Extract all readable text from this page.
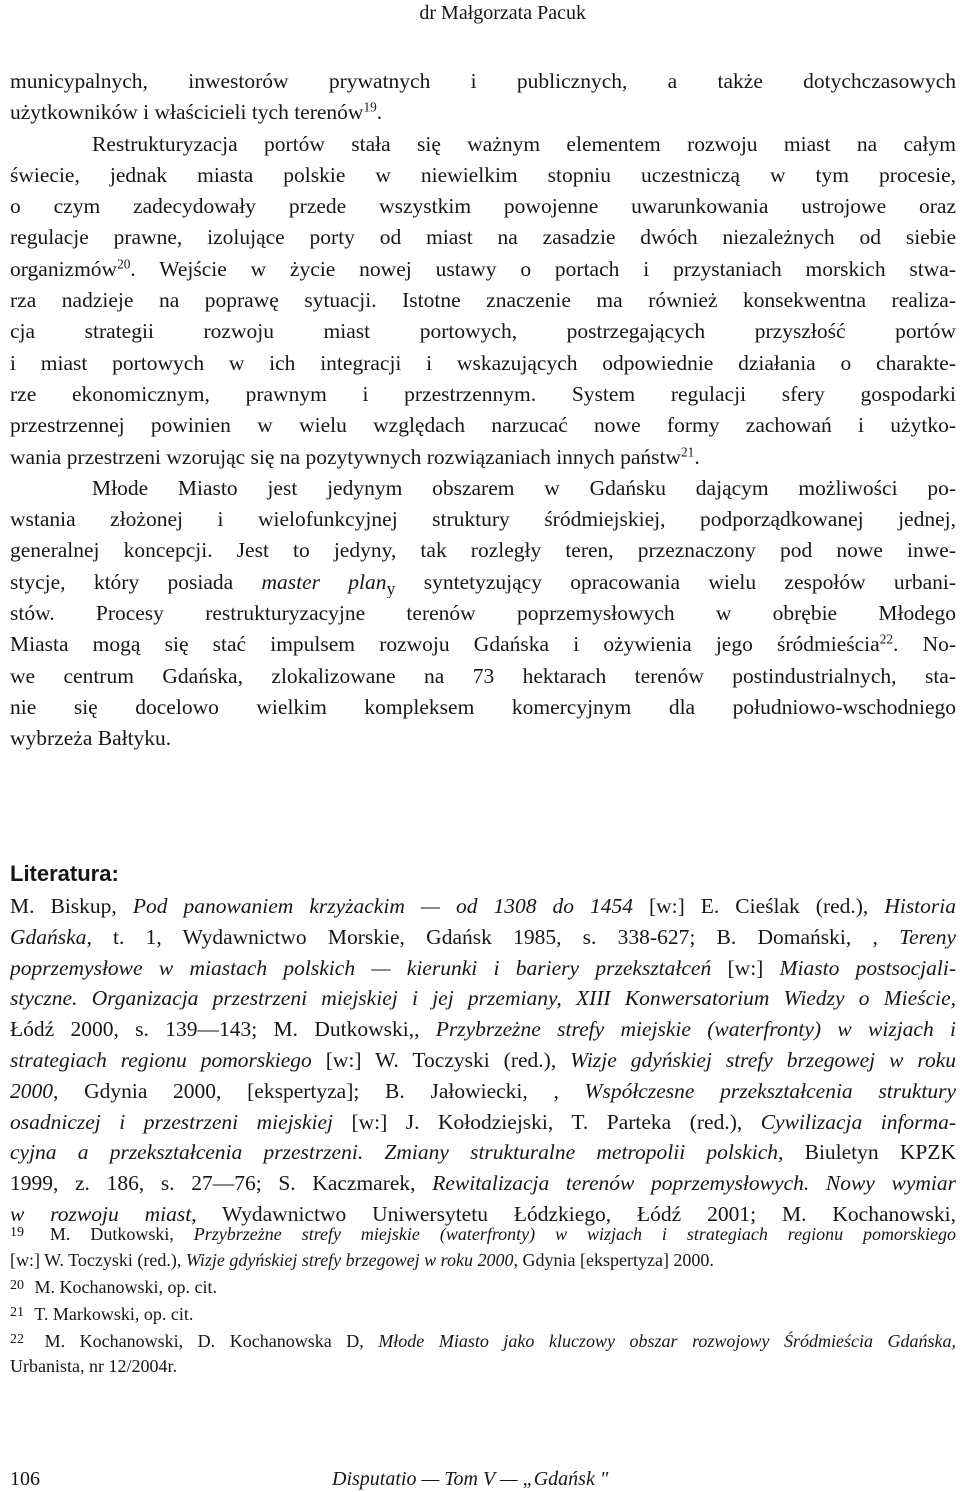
dr Małgorzata Pacuk
municypalnych, inwestorów prywatnych i publicznych, a także dotychczasowych
użytkowników i właścicieli tych terenów$^{19}$.
Restrukturyzacja portów stała się ważnym elementem rozwoju miast na całym
świecie, jednak miasta polskie w niewielkim stopniu uczestniczą w tym procesie,
o czym zadecydowały przede wszystkim powojenne uwarunkowania ustrojowe oraz
regulacje prawne, izolujące porty od miast na zasadzie dwóch niezależnych od siebie
organizmów$^{20}$. Wejście w życie nowej ustawy o portach i przystaniach morskich stwa-
rza nadzieje na poprawę sytuacji. Istotne znaczenie ma również konsekwentna realiza-
cja strategii rozwoju miast portowych, postrzegających przyszłość portów
i miast portowych w ich integracji i wskazujących odpowiednie działania o charakte-
rze ekonomicznym, prawnym i przestrzennym. System regulacji sfery gospodarki
przestrzennej powinien w wielu względach narzucać nowe formy zachowań i użytko-
wania przestrzeni wzorując się na pozytywnych rozwiązaniach innych państw$^{21}$.
Młode Miasto jest jedynym obszarem w Gdańsku dającym możliwości po-
wstania złożonej i wielofunkcyjnej struktury śródmiejskiej, podporządkowanej jednej,
generalnej koncepcji. Jest to jedyny, tak rozległy teren, przeznaczony pod nowe inwe-
stycje, który posiada master plan$_y$ syntetyzujący opracowania wielu zespołów urbani-
stów. Procesy restrukturyzacyjne terenów poprzemysłowych w obrębie Młodego
Miasta mogą się stać impulsem rozwoju Gdańska i ożywienia jego śródmieścia$^{22}$. No-
we centrum Gdańska, zlokalizowane na 73 hektarach terenów postindustrialnych, sta-
nie się docelowo wielkim kompleksem komercyjnym dla południowo-wschodniego
wybrzeża Bałtyku.
Literatura:
M. Biskup, Pod panowaniem krzyżackim — od 1308 do 1454 [w:] E. Cieślak (red.), Historia
Gdańska, t. 1, Wydawnictwo Morskie, Gdańsk 1985, s. 338-627; B. Domański, , Tereny
poprzemysłowe w miastach polskich — kierunki i bariery przekształceń [w:] Miasto postsocjali-
styczne. Organizacja przestrzeni miejskiej i jej przemiany, XIII Konwersatorium Wiedzy o Mieście,
Łódź 2000, s. 139—143; M. Dutkowski,, Przybrzeżne strefy miejskie (waterfronty) w wizjach i
strategiach regionu pomorskiego [w:] W. Toczyski (red.), Wizje gdyńskiej strefy brzegowej w roku
2000, Gdynia 2000, [ekspertyza]; B. Jałowiecki, , Współczesne przekształcenia struktury
osadniczej i przestrzeni miejskiej [w:] J. Kołodziejski, T. Parteka (red.), Cywilizacja informa-
cyjna a przekształcenia przestrzeni. Zmiany strukturalne metropolii polskich, Biuletyn KPZK
1999, z. 186, s. 27—76; S. Kaczmarek, Rewitalizacja terenów poprzemysłowych. Nowy wymiar
w rozwoju miast, Wydawnictwo Uniwersytetu Łódzkiego, Łódź 2001; M. Kochanowski,
19 M. Dutkowski, Przybrzeżne strefy miejskie (waterfronty) w wizjach i strategiach regionu pomorskiego
[w:] W. Toczyski (red.), Wizje gdyńskiej strefy brzegowej w roku 2000, Gdynia [ekspertyza] 2000.
20 M. Kochanowski, op. cit.
21 T. Markowski, op. cit.
22 M. Kochanowski, D. Kochanowska D, Młode Miasto jako kluczowy obszar rozwojowy Śródmieścia Gdańska,
Urbanista, nr 12/2004r.
106	Disputatio — Tom V — „Gdańsk "
